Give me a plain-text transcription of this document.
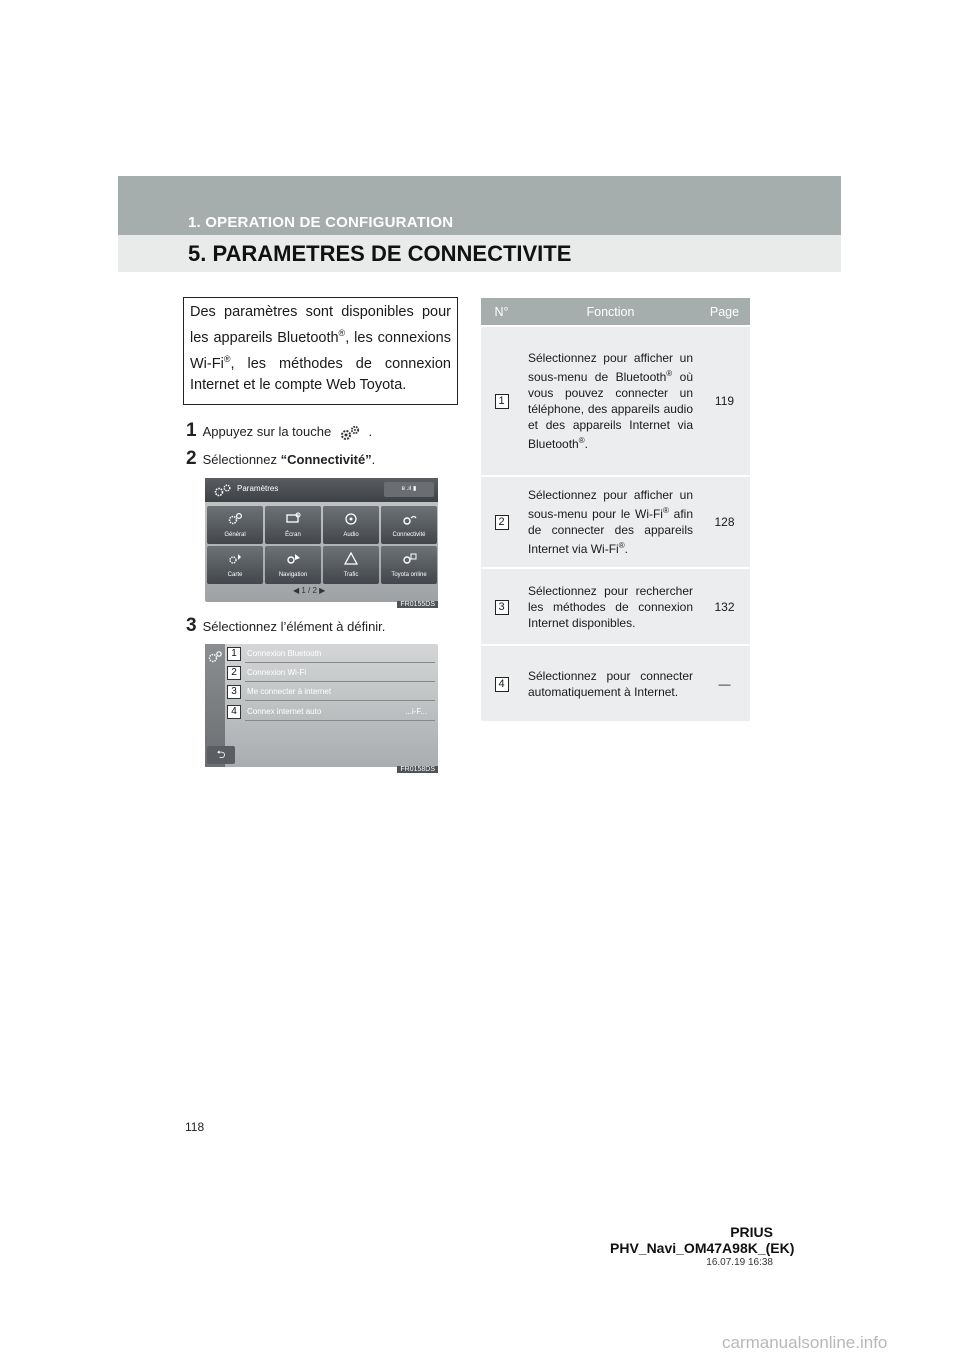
1. OPERATION DE CONFIGURATION
5. PARAMETRES DE CONNECTIVITE
Des paramètres sont disponibles pour les appareils Bluetooth®, les connexions Wi-Fi®, les méthodes de connexion Internet et le compte Web Toyota.
1 Appuyez sur la touche	.
2 Sélectionnez “Connectivité”.
Paramètres	ʙ .ıl ▮
Général	Écran	Audio	Connectivité
Carte	Navigation	Trafic	Toyota online
◀ 1 / 2 ▶
FR0155DS
3 Sélectionnez l’élément à définir.
1	Connexion Bluetooth
2	Connexion Wi-Fi
3	Me connecter à internet
4	Connex internet auto	...i-F...
⮌
FR0158DS
N°	Fonction	Page
1	Sélectionnez pour afficher un sous-menu de Bluetooth® où vous pouvez connecter un téléphone, des appareils audio et des appareils Internet via Bluetooth®.	119
2	Sélectionnez pour afficher un sous-menu pour le Wi-Fi® afin de connecter des appareils Internet via Wi-Fi®.	128
3	Sélectionnez pour rechercher les méthodes de connexion Internet disponibles.	132
4	Sélectionnez pour connecter automatiquement à Internet.	—
118
PRIUS PHV_Navi_OM47A98K_(EK)
16.07.19 16:38
carmanualsonline.info
